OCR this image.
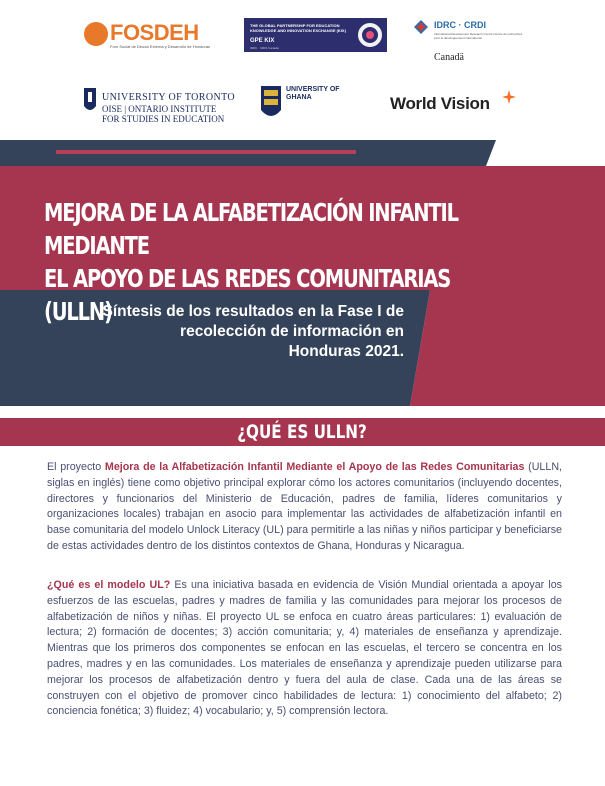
FOSDEH
Foro Social de Deuda Externa y Desarrollo de Honduras
THE GLOBAL PARTNERSHIP FOR EDUCATION KNOWLEDGE AND INNOVATION EXCHANGE (KIX)
GPE KIX
IDRC · CRDI Canada
IDRC · CRDI
International Development Research Centre Centre de recherches pour le développement international
Canadä
UNIVERSITY OF TORONTO
OISE | ONTARIO INSTITUTE
FOR STUDIES IN EDUCATION
UNIVERSITY OF GHANA	World Vision
MEJORA DE LA ALFABETIZACIÓN INFANTIL MEDIANTE
EL APOYO DE LAS REDES COMUNITARIAS (ULLN)
Síntesis de los resultados en la Fase I de
recolección de información en
Honduras 2021.
¿QUÉ ES ULLN?
El proyecto Mejora de la Alfabetización Infantil Mediante el Apoyo de las Redes Comunitarias (ULLN, siglas en inglés) tiene como objetivo principal explorar cómo los actores comunitarios (incluyendo docentes, directores y funcionarios del Ministerio de Educación, padres de familia, líderes comunitarios y organizaciones locales) trabajan en asocio para implementar las actividades de alfabetización infantil en base comunitaria del modelo Unlock Literacy (UL) para permitirle a las niñas y niños participar y beneficiarse de estas actividades dentro de los distintos contextos de Ghana, Honduras y Nicaragua.
¿Qué es el modelo UL? Es una iniciativa basada en evidencia de Visión Mundial orientada a apoyar los esfuerzos de las escuelas, padres y madres de familia y las comunidades para mejorar los procesos de alfabetización de niños y niñas. El proyecto UL se enfoca en cuatro áreas particulares: 1) evaluación de lectura; 2) formación de docentes; 3) acción comunitaria; y, 4) materiales de enseñanza y aprendizaje. Mientras que los primeros dos componentes se enfocan en las escuelas, el tercero se concentra en los padres, madres y en las comunidades. Los materiales de enseñanza y aprendizaje pueden utilizarse para mejorar los procesos de alfabetización dentro y fuera del aula de clase. Cada una de las áreas se construyen con el objetivo de promover cinco habilidades de lectura: 1) conocimiento del alfabeto; 2) conciencia fonética; 3) fluidez; 4) vocabulario; y, 5) comprensión lectora.
